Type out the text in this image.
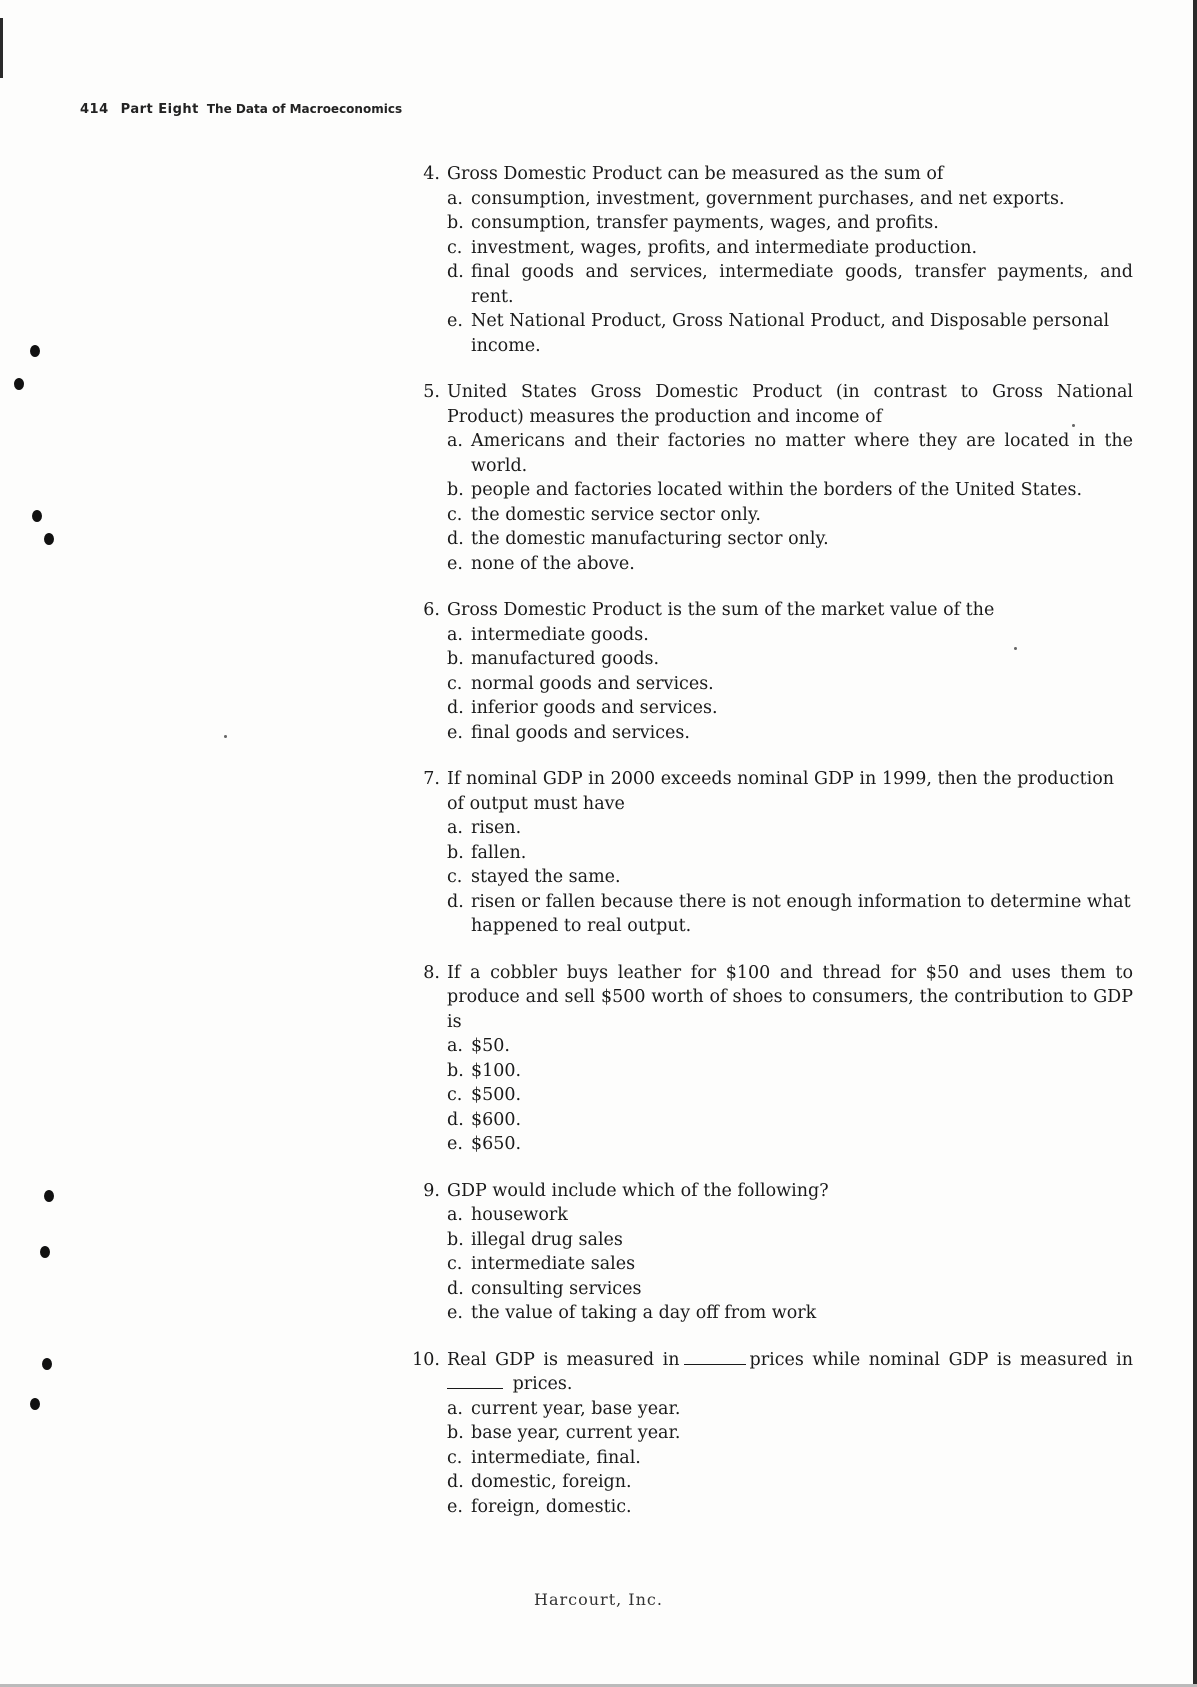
414 Part Eight The Data of Macroeconomics
4. Gross Domestic Product can be measured as the sum of
a. consumption, investment, government purchases, and net exports.
b. consumption, transfer payments, wages, and profits.
c. investment, wages, profits, and intermediate production.
d. final goods and services, intermediate goods, transfer payments, and rent.
e. Net National Product, Gross National Product, and Disposable personal income.
5. United States Gross Domestic Product (in contrast to Gross National Product) measures the production and income of
a. Americans and their factories no matter where they are located in the world.
b. people and factories located within the borders of the United States.
c. the domestic service sector only.
d. the domestic manufacturing sector only.
e. none of the above.
6. Gross Domestic Product is the sum of the market value of the
a. intermediate goods.
b. manufactured goods.
c. normal goods and services.
d. inferior goods and services.
e. final goods and services.
7. If nominal GDP in 2000 exceeds nominal GDP in 1999, then the production of output must have
a. risen.
b. fallen.
c. stayed the same.
d. risen or fallen because there is not enough information to determine what happened to real output.
8. If a cobbler buys leather for $100 and thread for $50 and uses them to produce and sell $500 worth of shoes to consumers, the contribution to GDP is
a. $50.
b. $100.
c. $500.
d. $600.
e. $650.
9. GDP would include which of the following?
a. housework
b. illegal drug sales
c. intermediate sales
d. consulting services
e. the value of taking a day off from work
10. Real GDP is measured in	prices while nominal GDP is measured in  prices.
a. current year, base year.
b. base year, current year.
c. intermediate, final.
d. domestic, foreign.
e. foreign, domestic.
Harcourt, Inc.
